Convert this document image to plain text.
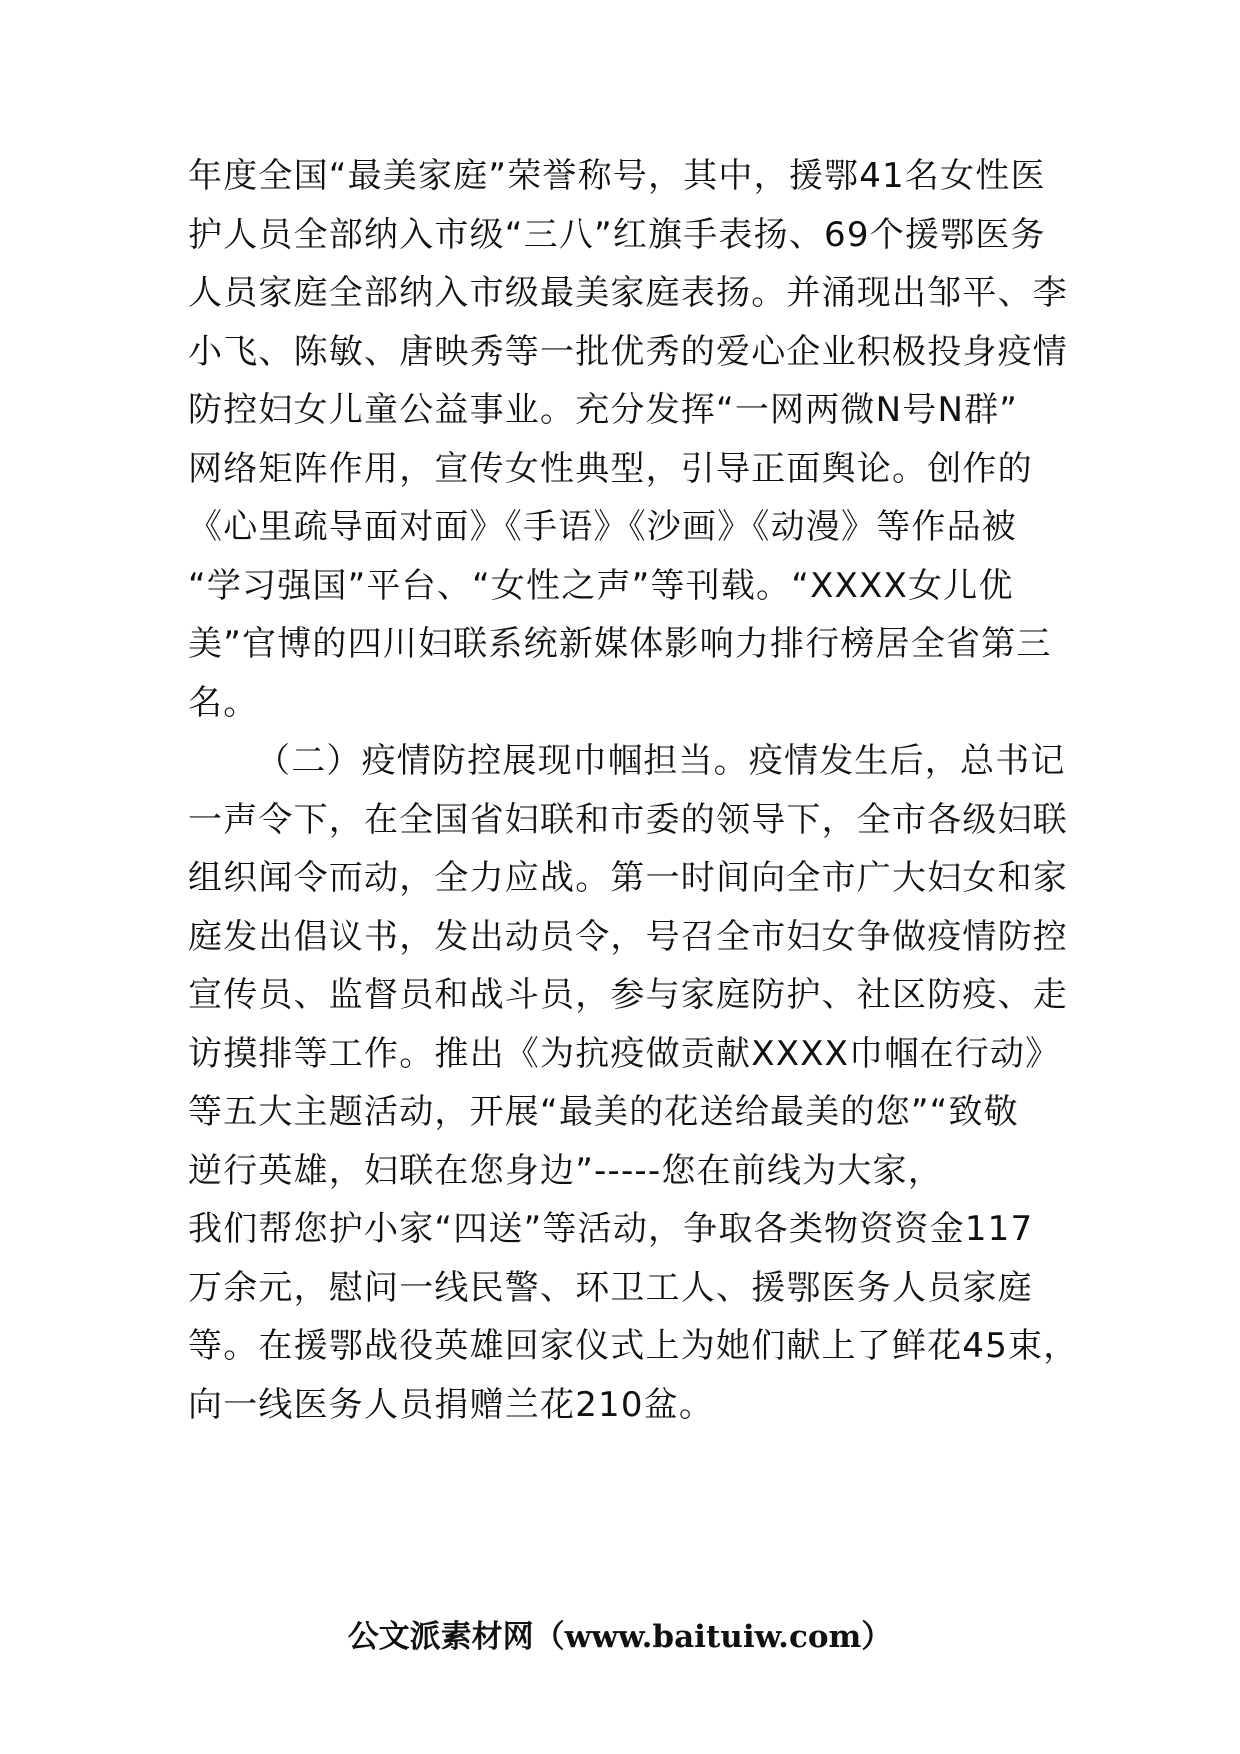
年度全国“最美家庭”荣誉称号，其中，援鄂41名女性医
护人员全部纳入市级“三八”红旗手表扬、69个援鄂医务
人员家庭全部纳入市级最美家庭表扬。并涌现出邹平、李
小飞、陈敏、唐映秀等一批优秀的爱心企业积极投身疫情
防控妇女儿童公益事业。充分发挥“一网两微N号N群”
网络矩阵作用，宣传女性典型，引导正面舆论。创作的
《心里疏导面对面》《手语》《沙画》《动漫》等作品被
“学习强国”平台、“女性之声”等刊载。“XXXX女儿优
美”官博的四川妇联系统新媒体影响力排行榜居全省第三
名。
（二）疫情防控展现巾帼担当。疫情发生后，总书记
一声令下，在全国省妇联和市委的领导下，全市各级妇联
组织闻令而动，全力应战。第一时间向全市广大妇女和家
庭发出倡议书，发出动员令，号召全市妇女争做疫情防控
宣传员、监督员和战斗员，参与家庭防护、社区防疫、走
访摸排等工作。推出《为抗疫做贡献XXXX巾帼在行动》
等五大主题活动，开展“最美的花送给最美的您”“致敬
逆行英雄，妇联在您身边”-----您在前线为大家，
我们帮您护小家“四送”等活动，争取各类物资资金117
万余元，慰问一线民警、环卫工人、援鄂医务人员家庭
等。在援鄂战役英雄回家仪式上为她们献上了鲜花45束，
向一线医务人员捐赠兰花210盆。
公文派素材网（www.baituiw.com）
